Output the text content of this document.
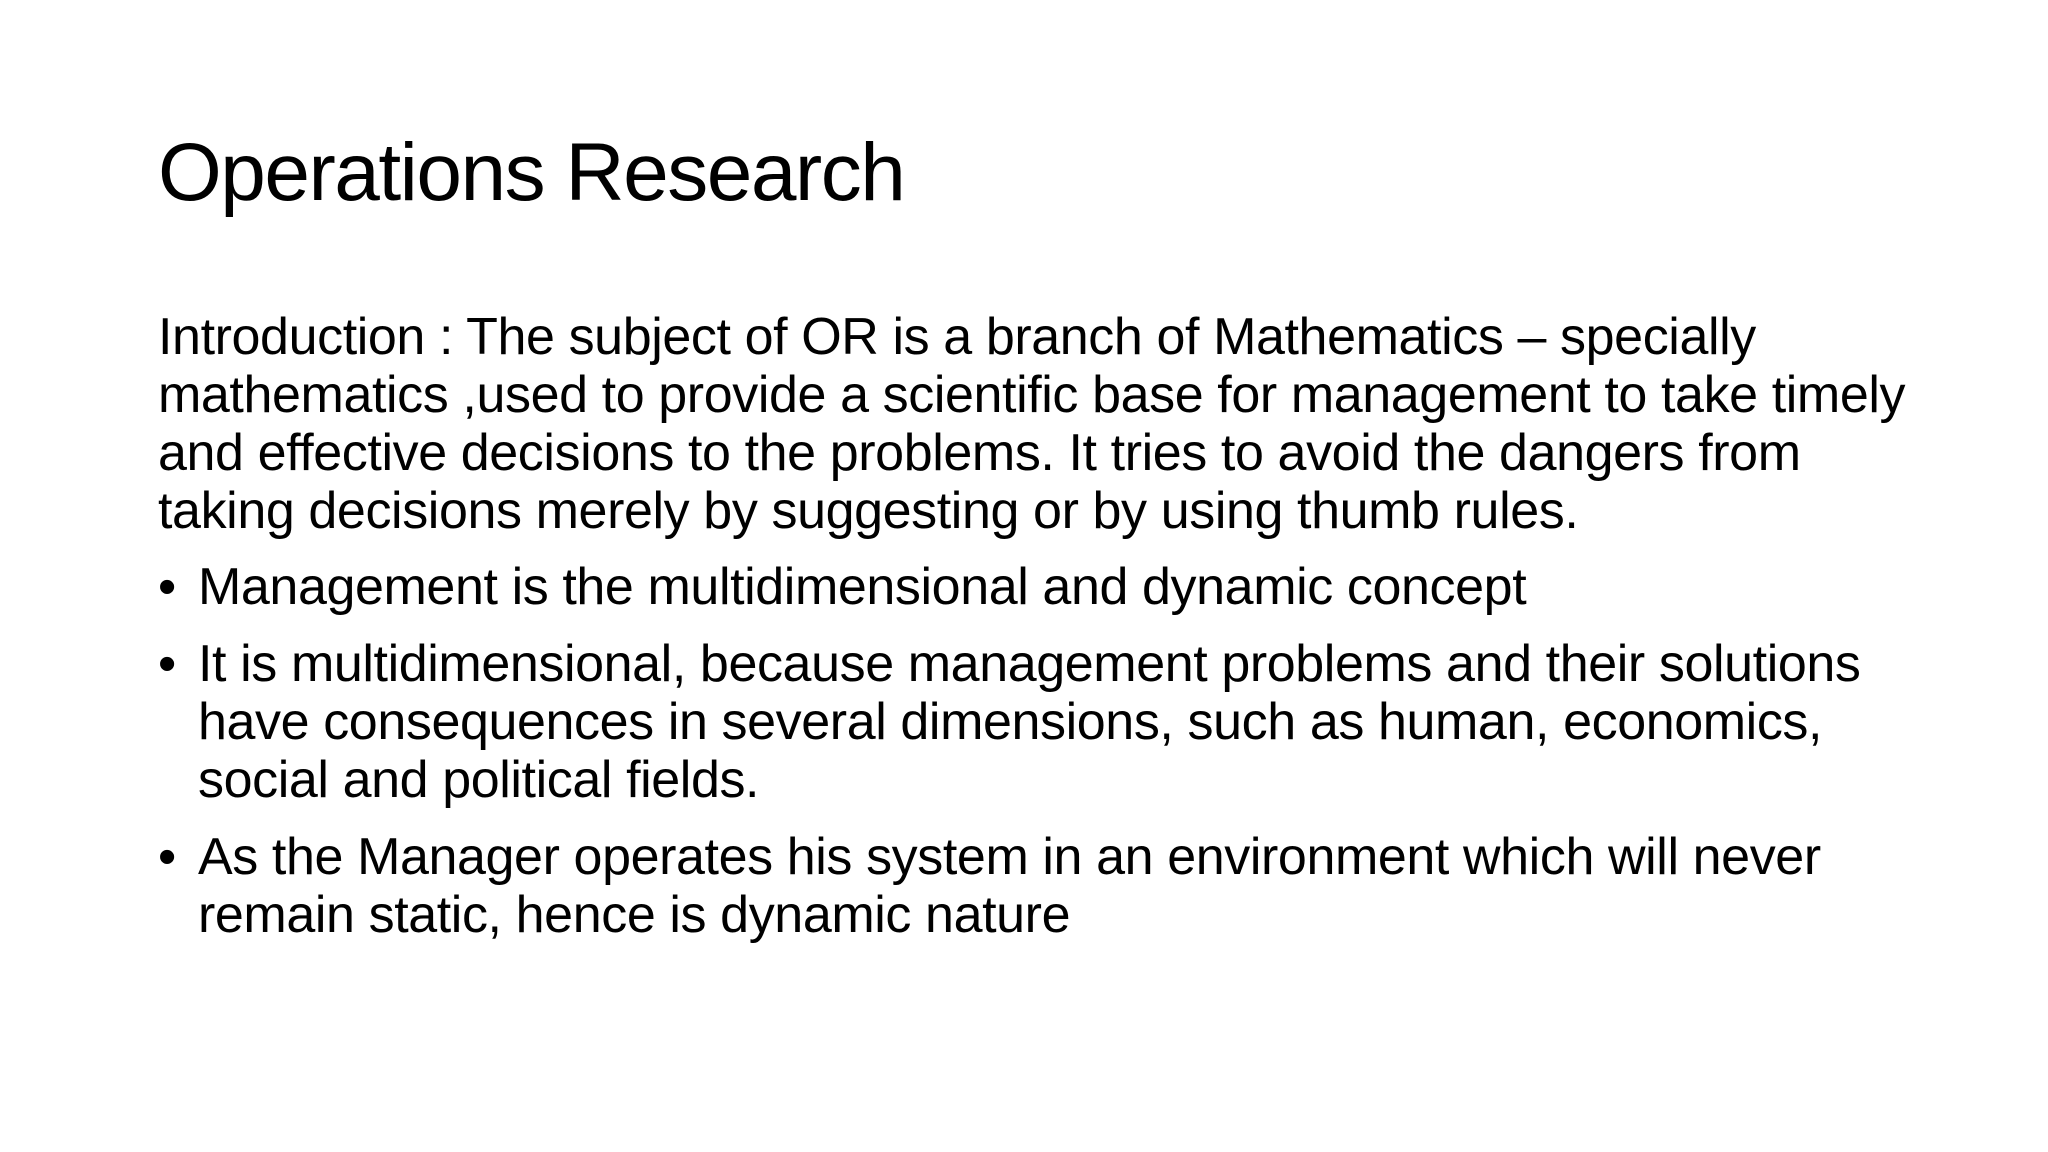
Operations Research

Introduction : The subject of OR is a branch of Mathematics – specially mathematics ,used to provide a scientific base for management to take timely and effective decisions to the problems. It tries to avoid the dangers from taking decisions merely by suggesting or by using thumb rules.

• Management is the multidimensional and dynamic concept
• It is multidimensional, because management problems and their solutions have consequences in several dimensions, such as human, economics, social and political fields.
• As the Manager operates his system in an environment which will never remain static, hence is dynamic nature
